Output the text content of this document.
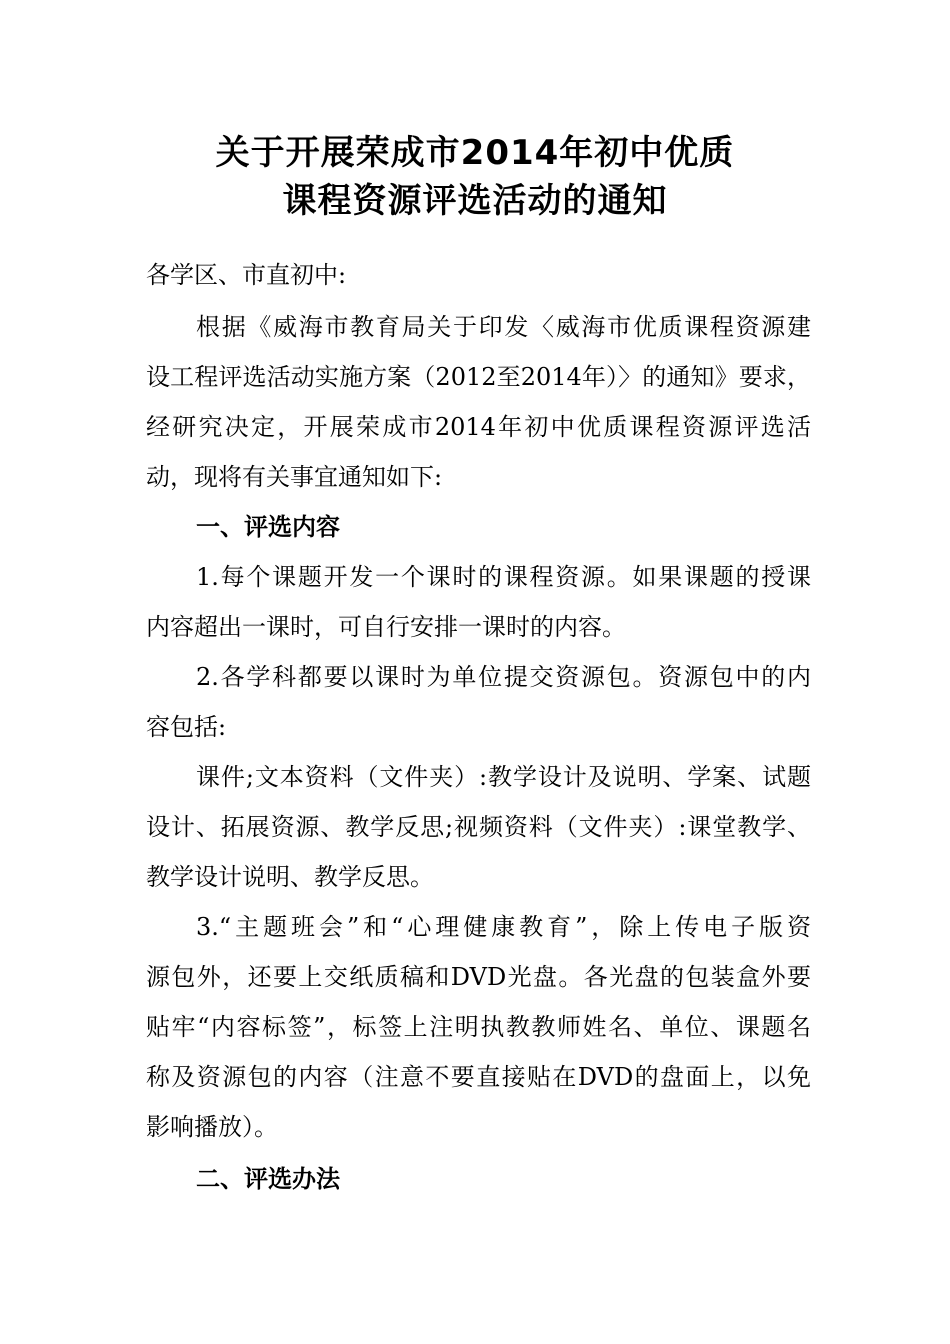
关于开展荣成市2014年初中优质
课程资源评选活动的通知
各学区、市直初中:
根据《威海市教育局关于印发〈威海市优质课程资源建
设工程评选活动实施方案（2012至2014年）〉的通知》要求，
经研究决定，开展荣成市2014年初中优质课程资源评选活
动，现将有关事宜通知如下:
一、评选内容
1.每个课题开发一个课时的课程资源。如果课题的授课
内容超出一课时，可自行安排一课时的内容。
2.各学科都要以课时为单位提交资源包。资源包中的内
容包括:
课件;文本资料（文件夹）:教学设计及说明、学案、试题
设计、拓展资源、教学反思;视频资料（文件夹）:课堂教学、
教学设计说明、教学反思。
3.“主题班会”和“心理健康教育”，除上传电子版资
源包外，还要上交纸质稿和DVD光盘。各光盘的包装盒外要
贴牢“内容标签”，标签上注明执教教师姓名、单位、课题名
称及资源包的内容（注意不要直接贴在DVD的盘面上，以免
影响播放）。
二、评选办法
